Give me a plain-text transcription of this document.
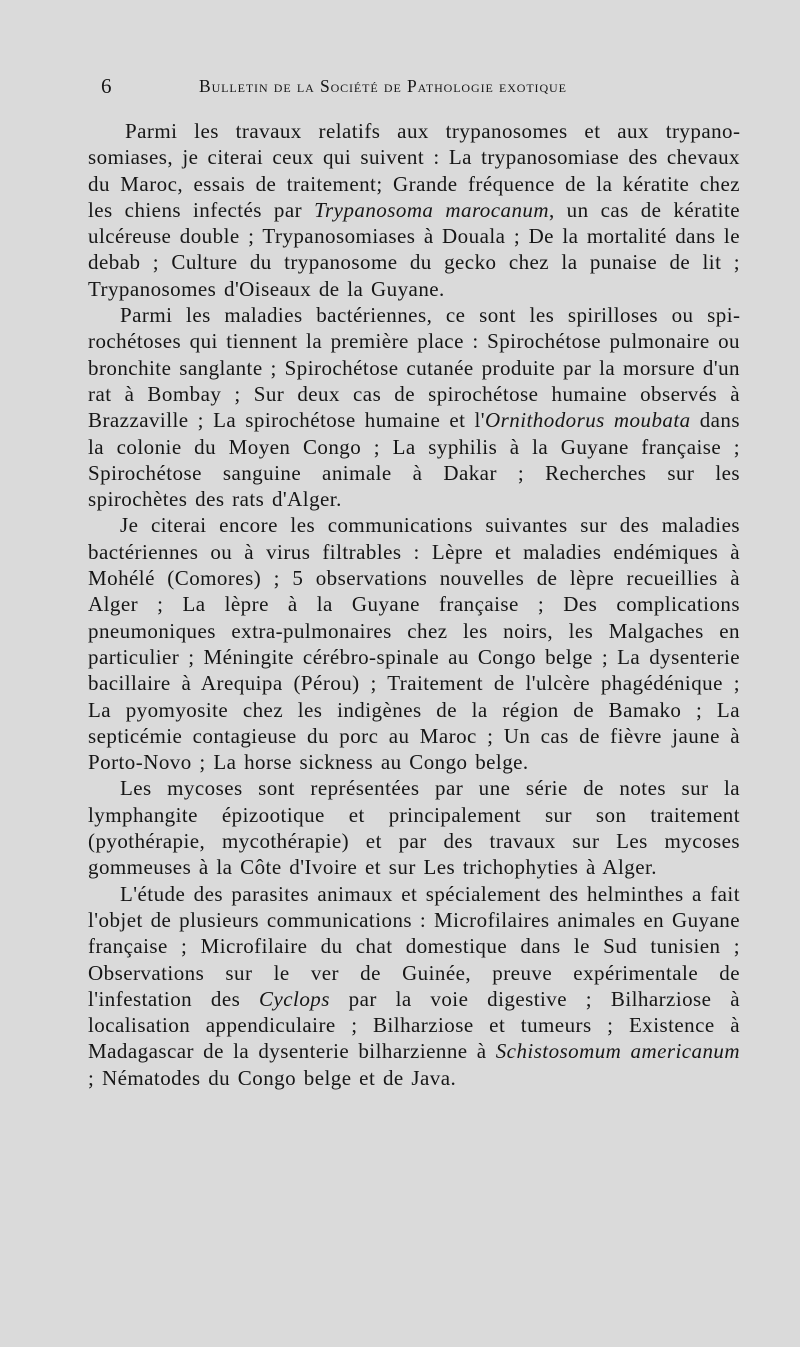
6	Bulletin de la Société de Pathologie exotique

Parmi les travaux relatifs aux trypanosomes et aux trypanosomiases, je citerai ceux qui suivent : La trypanosomiase des chevaux du Maroc, essais de traitement; Grande fréquence de la kératite chez les chiens infectés par Trypanosoma marocanum, un cas de kératite ulcéreuse double ; Trypanosomiases à Douala ; De la mortalité dans le debab ; Culture du trypanosome du gecko chez la punaise de lit ; Trypanosomes d'Oiseaux de la Guyane.

Parmi les maladies bactériennes, ce sont les spirilloses ou spirochétoses qui tiennent la première place : Spirochétose pulmonaire ou bronchite sanglante ; Spirochétose cutanée produite par la morsure d'un rat à Bombay ; Sur deux cas de spirochétose humaine observés à Brazzaville ; La spirochétose humaine et l'Ornithodorus moubata dans la colonie du Moyen Congo ; La syphilis à la Guyane française ; Spirochétose sanguine animale à Dakar ; Recherches sur les spirochètes des rats d'Alger.

Je citerai encore les communications suivantes sur des maladies bactériennes ou à virus filtrables : Lèpre et maladies endémiques à Mohélé (Comores) ; 5 observations nouvelles de lèpre recueillies à Alger ; La lèpre à la Guyane française ; Des complications pneumoniques extra-pulmonaires chez les noirs, les Malgaches en particulier ; Méningite cérébro-spinale au Congo belge ; La dysenterie bacillaire à Arequipa (Pérou) ; Traitement de l'ulcère phagédénique ; La pyomyosite chez les indigènes de la région de Bamako ; La septicémie contagieuse du porc au Maroc ; Un cas de fièvre jaune à Porto-Novo ; La horse sickness au Congo belge.

Les mycoses sont représentées par une série de notes sur la lymphangite épizootique et principalement sur son traitement (pyothérapie, mycothérapie) et par des travaux sur Les mycoses gommeuses à la Côte d'Ivoire et sur Les trichophyties à Alger.

L'étude des parasites animaux et spécialement des helminthes a fait l'objet de plusieurs communications : Microfilaires animales en Guyane française ; Microfilaire du chat domestique dans le Sud tunisien ; Observations sur le ver de Guinée, preuve expérimentale de l'infestation des Cyclops par la voie digestive ; Bilharziose à localisation appendiculaire ; Bilharziose et tumeurs ; Existence à Madagascar de la dysenterie bilharzienne à Schistosomum americanum ; Nématodes du Congo belge et de Java.
